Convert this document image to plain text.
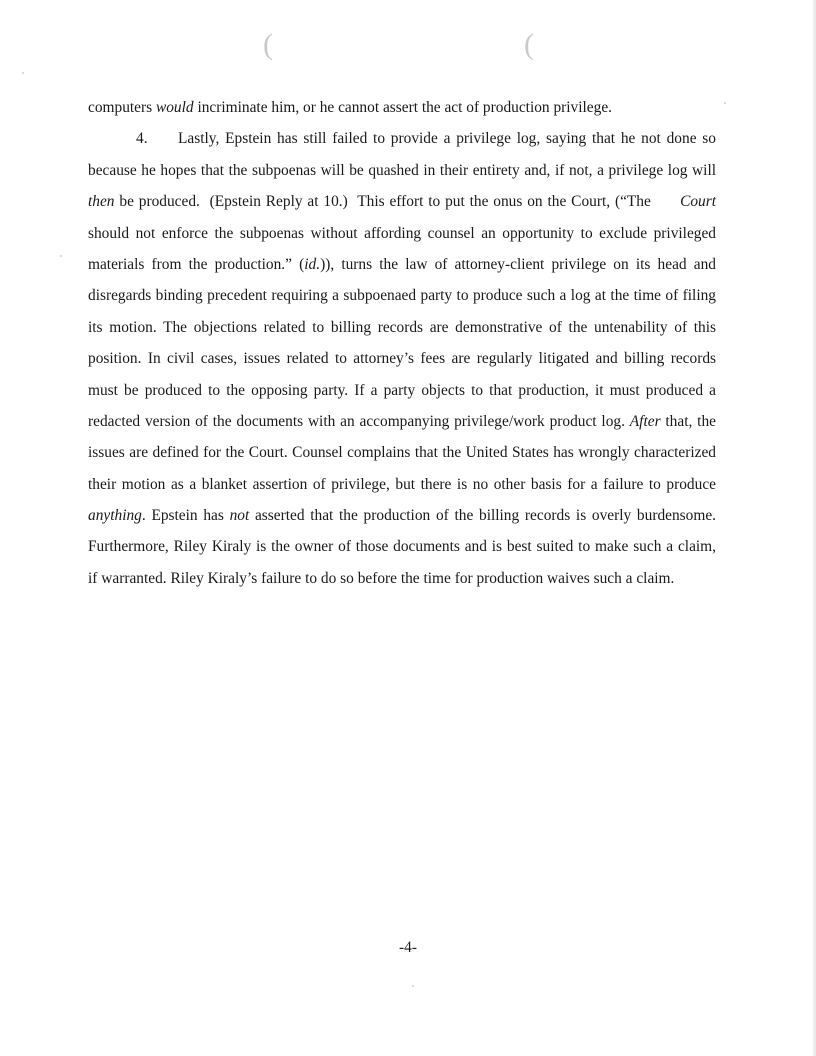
(	(
computers would incriminate him, or he cannot assert the act of production privilege.
4. Lastly, Epstein has still failed to provide a privilege log, saying that he not done so
because he hopes that the subpoenas will be quashed in their entirety and, if not, a privilege log will
then be produced.  (Epstein Reply at 10.)  This effort to put the onus on the Court, (“The      Court
should not enforce the subpoenas without affording counsel an opportunity to exclude privileged
materials from the production.” (id.)), turns the law of attorney-client privilege on its head and
disregards binding precedent requiring a subpoenaed party to produce such a log at the time of filing
its motion. The objections related to billing records are demonstrative of the untenability of this
position. In civil cases, issues related to attorney’s fees are regularly litigated and billing records
must be produced to the opposing party. If a party objects to that production, it must produced a
redacted version of the documents with an accompanying privilege/work product log. After that, the
issues are defined for the Court. Counsel complains that the United States has wrongly characterized
their motion as a blanket assertion of privilege, but there is no other basis for a failure to produce
anything. Epstein has not asserted that the production of the billing records is overly burdensome.
Furthermore, Riley Kiraly is the owner of those documents and is best suited to make such a claim,
if warranted. Riley Kiraly’s failure to do so before the time for production waives such a claim.
-4-
